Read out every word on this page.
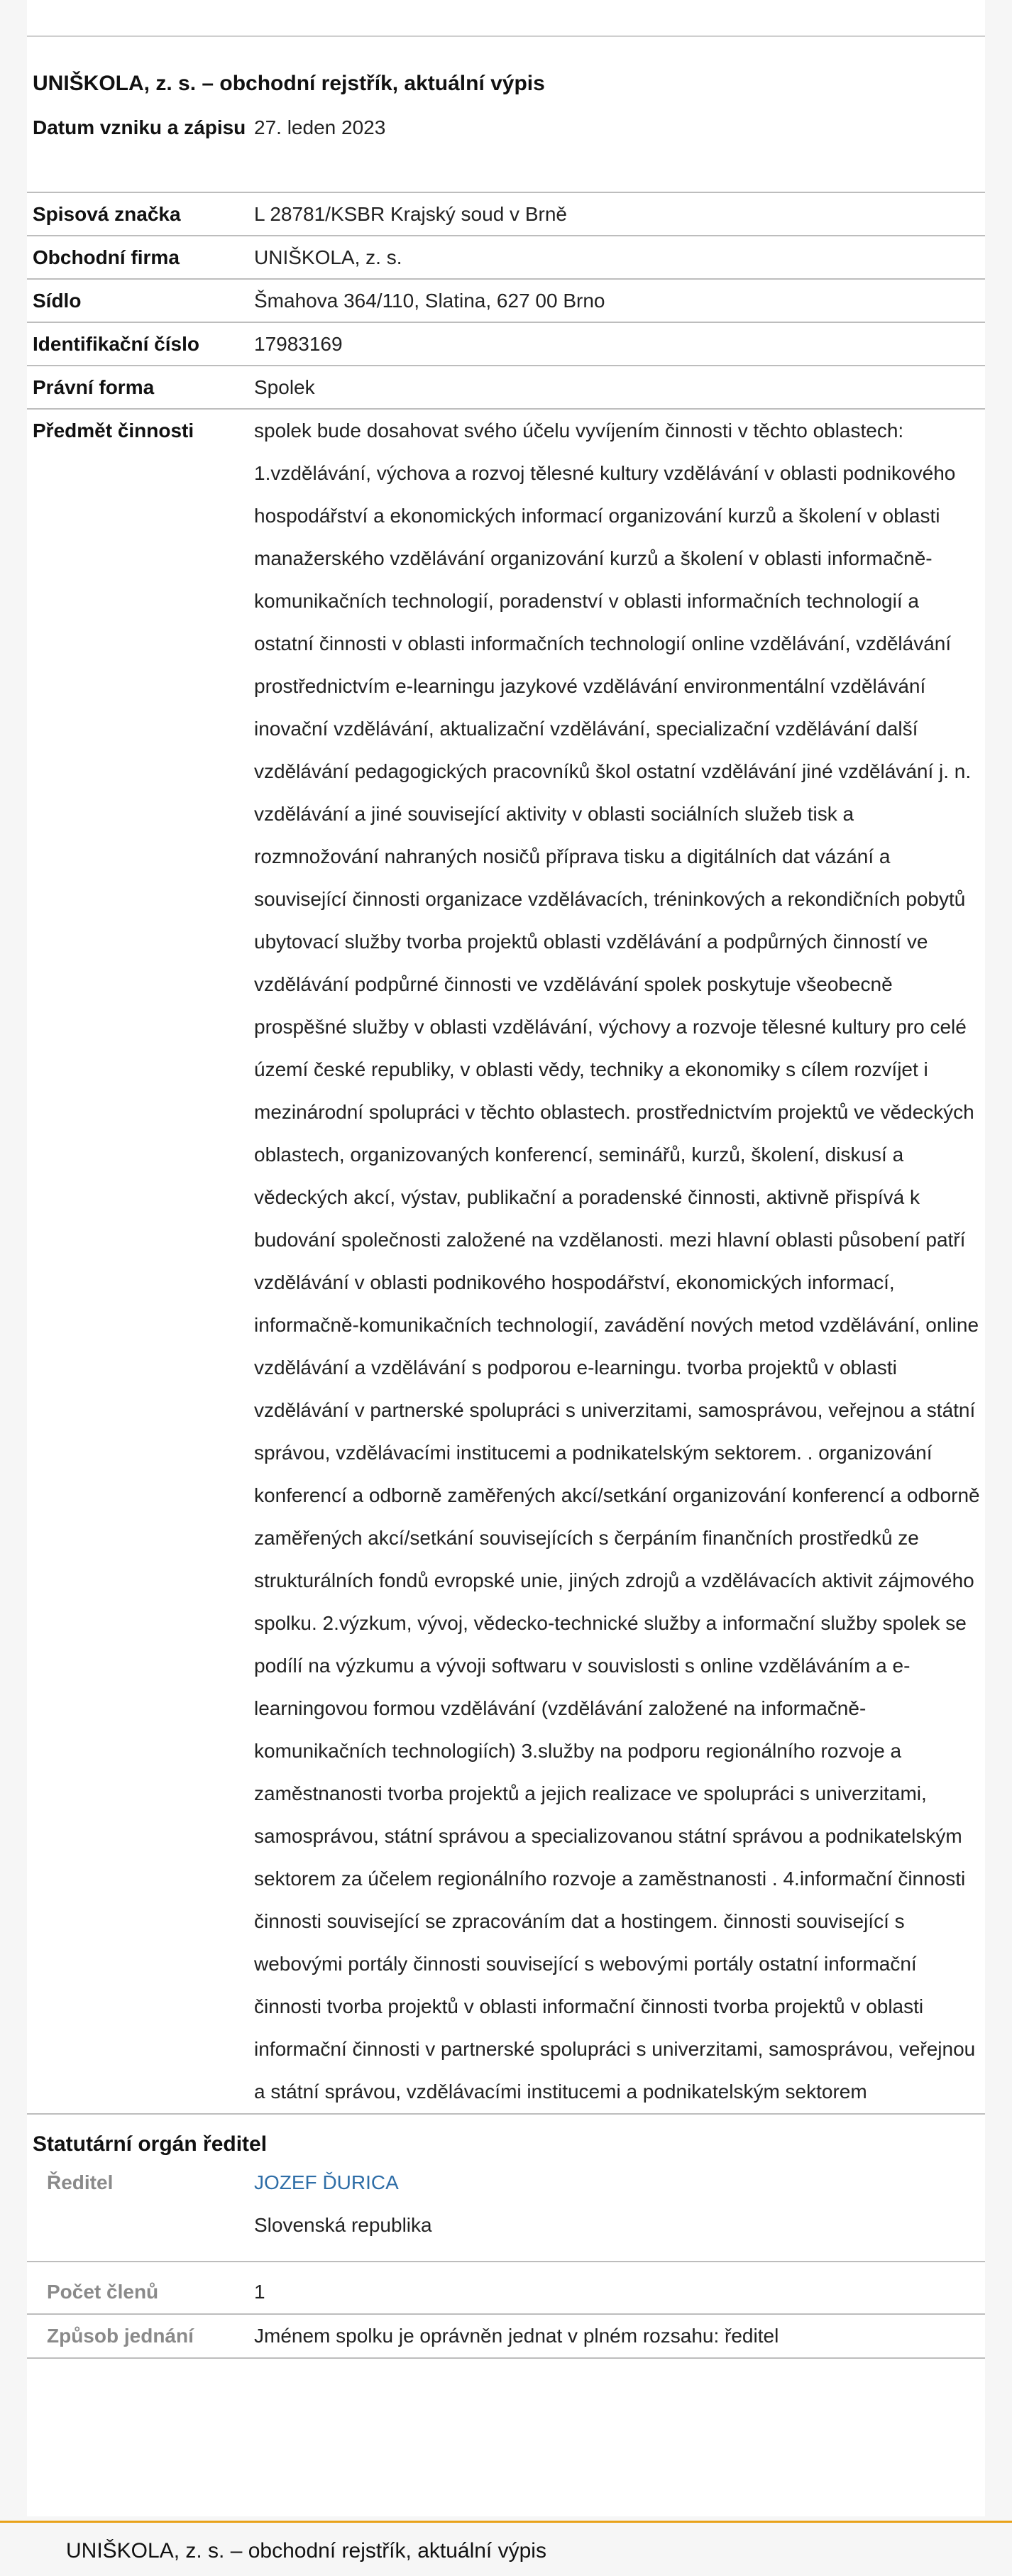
UNIŠKOLA, z. s. – obchodní rejstřík, aktuální výpis
Datum vzniku a zápisu 27. leden 2023
Spisová značka	L 28781/KSBR Krajský soud v Brně
Obchodní firma	UNIŠKOLA, z. s.
Sídlo	Šmahova 364/110, Slatina, 627 00 Brno
Identifikační číslo	17983169
Právní forma	Spolek
Předmět činnosti	spolek bude dosahovat svého účelu vyvíjením činnosti v těchto oblastech: 1.vzdělávání, výchova a rozvoj tělesné kultury vzdělávání v oblasti podnikového hospodářství a ekonomických informací organizování kurzů a školení v oblasti manažerského vzdělávání organizování kurzů a školení v oblasti informačně-komunikačních technologií, poradenství v oblasti informačních technologií a ostatní činnosti v oblasti informačních technologií online vzdělávání, vzdělávání prostřednictvím e-learningu jazykové vzdělávání environmentální vzdělávání inovační vzdělávání, aktualizační vzdělávání, specializační vzdělávání další vzdělávání pedagogických pracovníků škol ostatní vzdělávání jiné vzdělávání j. n. vzdělávání a jiné související aktivity v oblasti sociálních služeb tisk a rozmnožování nahraných nosičů příprava tisku a digitálních dat vázání a související činnosti organizace vzdělávacích, tréninkových a rekondičních pobytů ubytovací služby tvorba projektů oblasti vzdělávání a podpůrných činností ve vzdělávání podpůrné činnosti ve vzdělávání spolek poskytuje všeobecně prospěšné služby v oblasti vzdělávání, výchovy a rozvoje tělesné kultury pro celé území české republiky, v oblasti vědy, techniky a ekonomiky s cílem rozvíjet i mezinárodní spolupráci v těchto oblastech. prostřednictvím projektů ve vědeckých oblastech, organizovaných konferencí, seminářů, kurzů, školení, diskusí a vědeckých akcí, výstav, publikační a poradenské činnosti, aktivně přispívá k budování společnosti založené na vzdělanosti. mezi hlavní oblasti působení patří vzdělávání v oblasti podnikového hospodářství, ekonomických informací, informačně-komunikačních technologií, zavádění nových metod vzdělávání, online vzdělávání a vzdělávání s podporou e-learningu. tvorba projektů v oblasti vzdělávání v partnerské spolupráci s univerzitami, samosprávou, veřejnou a státní správou, vzdělávacími institucemi a podnikatelským sektorem. . organizování konferencí a odborně zaměřených akcí/setkání organizování konferencí a odborně zaměřených akcí/setkání souvisejících s čerpáním finančních prostředků ze strukturálních fondů evropské unie, jiných zdrojů a vzdělávacích aktivit zájmového spolku. 2.výzkum, vývoj, vědecko-technické služby a informační služby spolek se podílí na výzkumu a vývoji softwaru v souvislosti s online vzděláváním a e-learningovou formou vzdělávání (vzdělávání založené na informačně-komunikačních technologiích) 3.služby na podporu regionálního rozvoje a zaměstnanosti tvorba projektů a jejich realizace ve spolupráci s univerzitami, samosprávou, státní správou a specializovanou státní správou a podnikatelským sektorem za účelem regionálního rozvoje a zaměstnanosti . 4.informační činnosti činnosti související se zpracováním dat a hostingem. činnosti související s webovými portály činnosti související s webovými portály ostatní informační činnosti tvorba projektů v oblasti informační činnosti tvorba projektů v oblasti informační činnosti v partnerské spolupráci s univerzitami, samosprávou, veřejnou a státní správou, vzdělávacími institucemi a podnikatelským sektorem
Statutární orgán ředitel
Ředitel	JOZEF ĎURICA
Slovenská republika
Počet členů	1
Způsob jednání	Jménem spolku je oprávněn jednat v plném rozsahu: ředitel
UNIŠKOLA, z. s. – obchodní rejstřík, aktuální výpis
